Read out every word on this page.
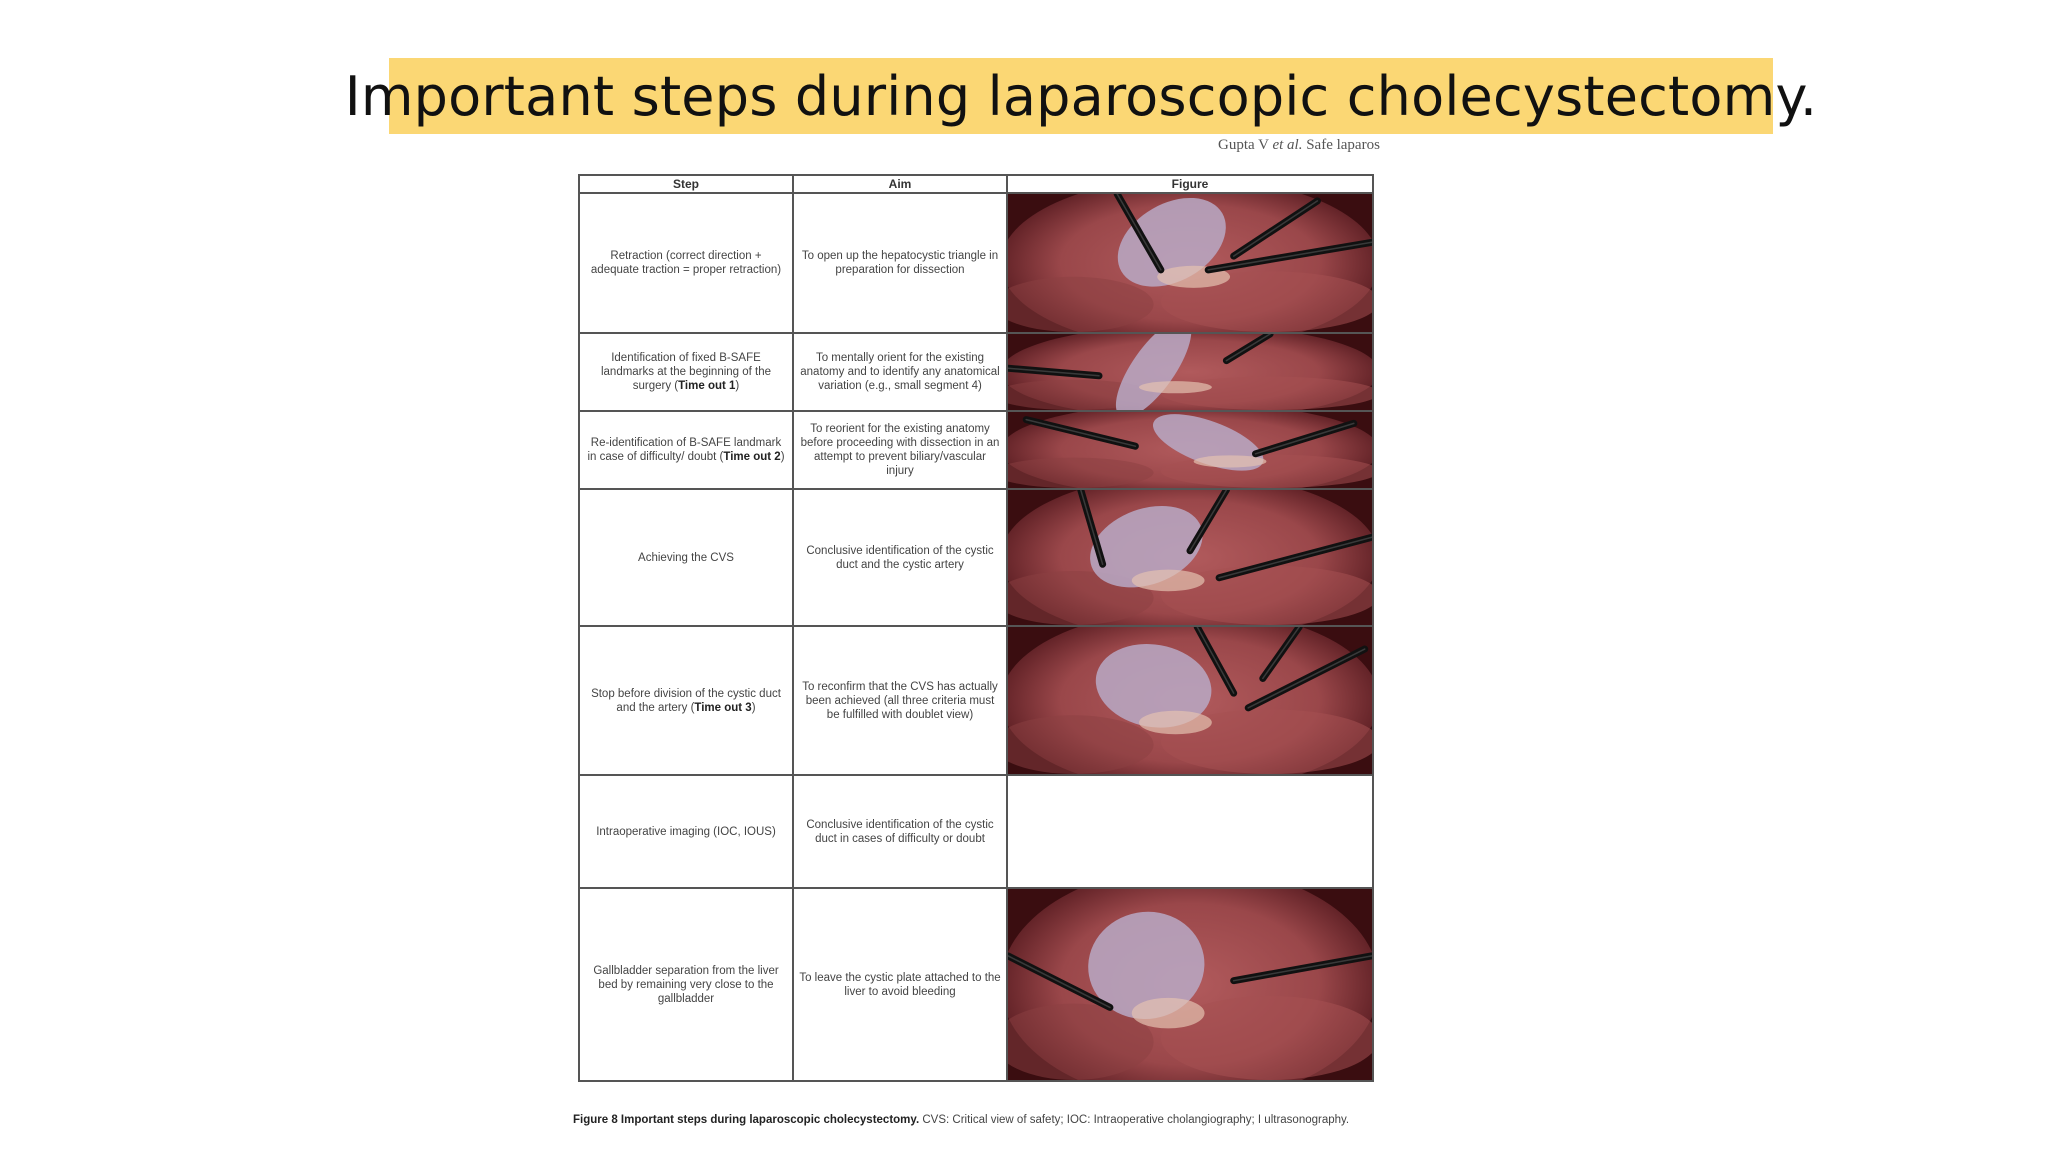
Important steps during laparoscopic cholecystectomy.
Gupta V et al. Safe laparos
Step	Aim	Figure
Retraction (correct direction + adequate traction = proper retraction)	To open up the hepatocystic triangle in preparation for dissection	

Identification of fixed B-SAFE landmarks at the beginning of the surgery (Time out 1)	To mentally orient for the existing anatomy and to identify any anatomical variation (e.g., small segment 4)	

Re-identification of B-SAFE landmark in case of difficulty/ doubt (Time out 2)	To reorient for the existing anatomy before proceeding with dissection in an attempt to prevent biliary/vascular injury	

Achieving the CVS	Conclusive identification of the cystic duct and the cystic artery	

Stop before division of the cystic duct and the artery (Time out 3)	To reconfirm that the CVS has actually been achieved (all three criteria must be fulfilled with doublet view)	

Intraoperative imaging (IOC, IOUS)	Conclusive identification of the cystic duct in cases of difficulty or doubt	
Gallbladder separation from the liver bed by remaining very close to the gallbladder	To leave the cystic plate attached to the liver to avoid bleeding	
Figure 8 Important steps during laparoscopic cholecystectomy. CVS: Critical view of safety; IOC: Intraoperative cholangiography; I ultrasonography.
